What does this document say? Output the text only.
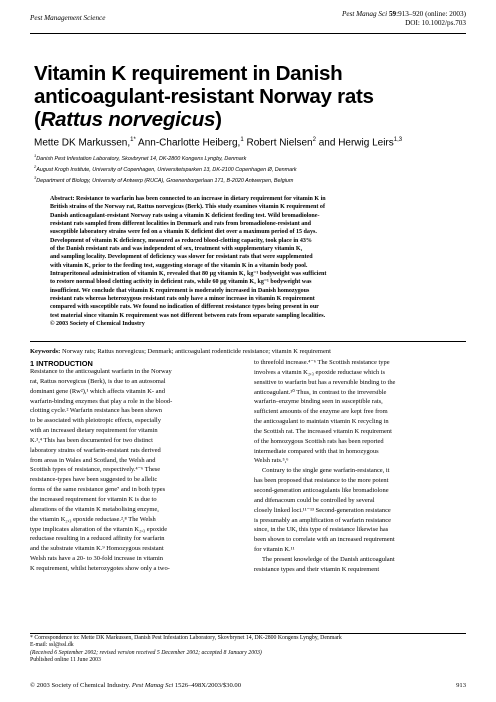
Pest Management Science	Pest Manag Sci 59:913–920 (online: 2003)
DOI: 10.1002/ps.703
Vitamin K requirement in Danish
anticoagulant-resistant Norway rats
(Rattus norvegicus)
Mette DK Markussen,$^{1*}$ Ann-Charlotte Heiberg,$^1$ Robert Nielsen$^2$ and Herwig Leirs$^{1,3}$
$^1$Danish Pest Infestation Laboratory, Skovbrynet 14, DK-2800 Kongens Lyngby, Denmark
$^2$August Krogh Institute, University of Copenhagen, Universitetsparken 13, DK-2100 Copenhagen Ø, Denmark
$^3$Department of Biology, University of Antwerp (RUCA), Groenenborgerlaan 171, B-2020 Antwerpen, Belgium
Abstract: Resistance to warfarin has been connected to an increase in dietary requirement for vitamin K in
British strains of the Norway rat, Rattus norvegicus (Berk). This study examines vitamin K requirement of
Danish anticoagulant-resistant Norway rats using a vitamin K deficient feeding test. Wild bromadiolone-
resistant rats sampled from different localities in Denmark and rats from bromadiolone-resistant and
susceptible laboratory strains were fed on a vitamin K deficient diet over a maximum period of 15 days.
Development of vitamin K deficiency, measured as reduced blood-clotting capacity, took place in 43%
of the Danish resistant rats and was independent of sex, treatment with supplementary vitamin K₁
and sampling locality. Development of deficiency was slower for resistant rats that were supplemented
with vitamin K₁ prior to the feeding test, suggesting storage of the vitamin K in a vitamin body pool.
Intraperitoneal administration of vitamin K₁ revealed that 80 µg vitamin K₁ kg⁻¹ bodyweight was sufficient
to restore normal blood clotting activity in deficient rats, while 60 µg vitamin K₁ kg⁻¹ bodyweight was
insufficient. We conclude that vitamin K requirement is moderately increased in Danish homozygous
resistant rats whereas heterozygous resistant rats only have a minor increase in vitamin K requirement
compared with susceptible rats. We found no indication of different resistance types being present in our
test material since vitamin K requirement was not different between rats from separate sampling localities.
© 2003 Society of Chemical Industry
Keywords: Norway rats; Rattus norvegicus; Denmark; anticoagulant rodenticide resistance; vitamin K requirement
1 INTRODUCTION
Resistance to the anticoagulant warfarin in the Norway
rat, Rattus norvegicus (Berk), is due to an autosomal
dominant gene (Rw²),¹ which affects vitamin K- and
warfarin-binding enzymes that play a role in the blood-
clotting cycle.² Warfarin resistance has been shown
to be associated with pleiotropic effects, especially
with an increased dietary requirement for vitamin
K.³,⁴ This has been documented for two distinct
laboratory strains of warfarin-resistant rats derived
from areas in Wales and Scotland, the Welsh and
Scottish types of resistance, respectively.⁴⁻⁶ These
resistance-types have been suggested to be allelic
forms of the same resistance gene⁷ and in both types
the increased requirement for vitamin K is due to
alterations of the vitamin K metabolising enzyme,
the vitamin K₂,₃ epoxide reductase.²,⁸ The Welsh
type implicates alteration of the vitamin K₂,₃ epoxide
reductase resulting in a reduced affinity for warfarin
and the substrate vitamin K.⁹ Homozygous resistant
Welsh rats have a 20- to 30-fold increase in vitamin
K requirement, whilst heterozygotes show only a two-
to threefold increase.⁴⁻⁶ The Scottish resistance type
involves a vitamin K₂,₃ epoxide reductase which is
sensitive to warfarin but has a reversible binding to the
anticoagulant.¹⁰ Thus, in contrast to the irreversible
warfarin–enzyme binding seen in susceptible rats,
sufficient amounts of the enzyme are kept free from
the anticoagulant to maintain vitamin K recycling in
the Scottish rat. The increased vitamin K requirement
of the homozygous Scottish rats has been reported
intermediate compared with that in homozygous
Welsh rats.⁵,⁶
Contrary to the single gene warfarin-resistance, it
has been proposed that resistance to the more potent
second-generation anticoagulants like bromadiolone
and difenacoum could be controlled by several
closely linked loci.¹¹⁻¹³ Second-generation resistance
is presumably an amplification of warfarin resistance
since, in the UK, this type of resistance likewise has
been shown to correlate with an increased requirement
for vitamin K.¹¹
The present knowledge of the Danish anticoagulant
resistance types and their vitamin K requirement
* Correspondence to: Mette DK Markussen, Danish Pest Infestation Laboratory, Skovbrynet 14, DK-2800 Kongens Lyngby, Denmark
E-mail: ssl@ssl.dk
(Received 6 September 2002; revised version received 5 December 2002; accepted 8 January 2003)
Published online 11 June 2003
© 2003 Society of Chemical Industry. Pest Manag Sci 1526–498X/2003/$30.00	913
